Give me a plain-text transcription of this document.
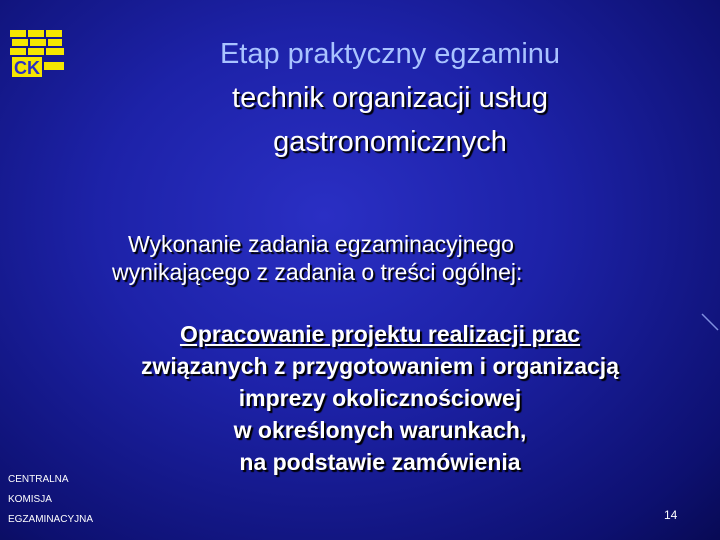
CK	Etap praktyczny egzaminu
technik organizacji usług
gastronomicznych
Wykonanie zadania egzaminacyjnego
wynikającego z zadania o treści ogólnej:
Opracowanie projektu realizacji prac
związanych z przygotowaniem i organizacją
imprezy okolicznościowej
w określonych warunkach,
na podstawie zamówienia
CENTRALNA
KOMISJA
EGZAMINACYJNA	14
